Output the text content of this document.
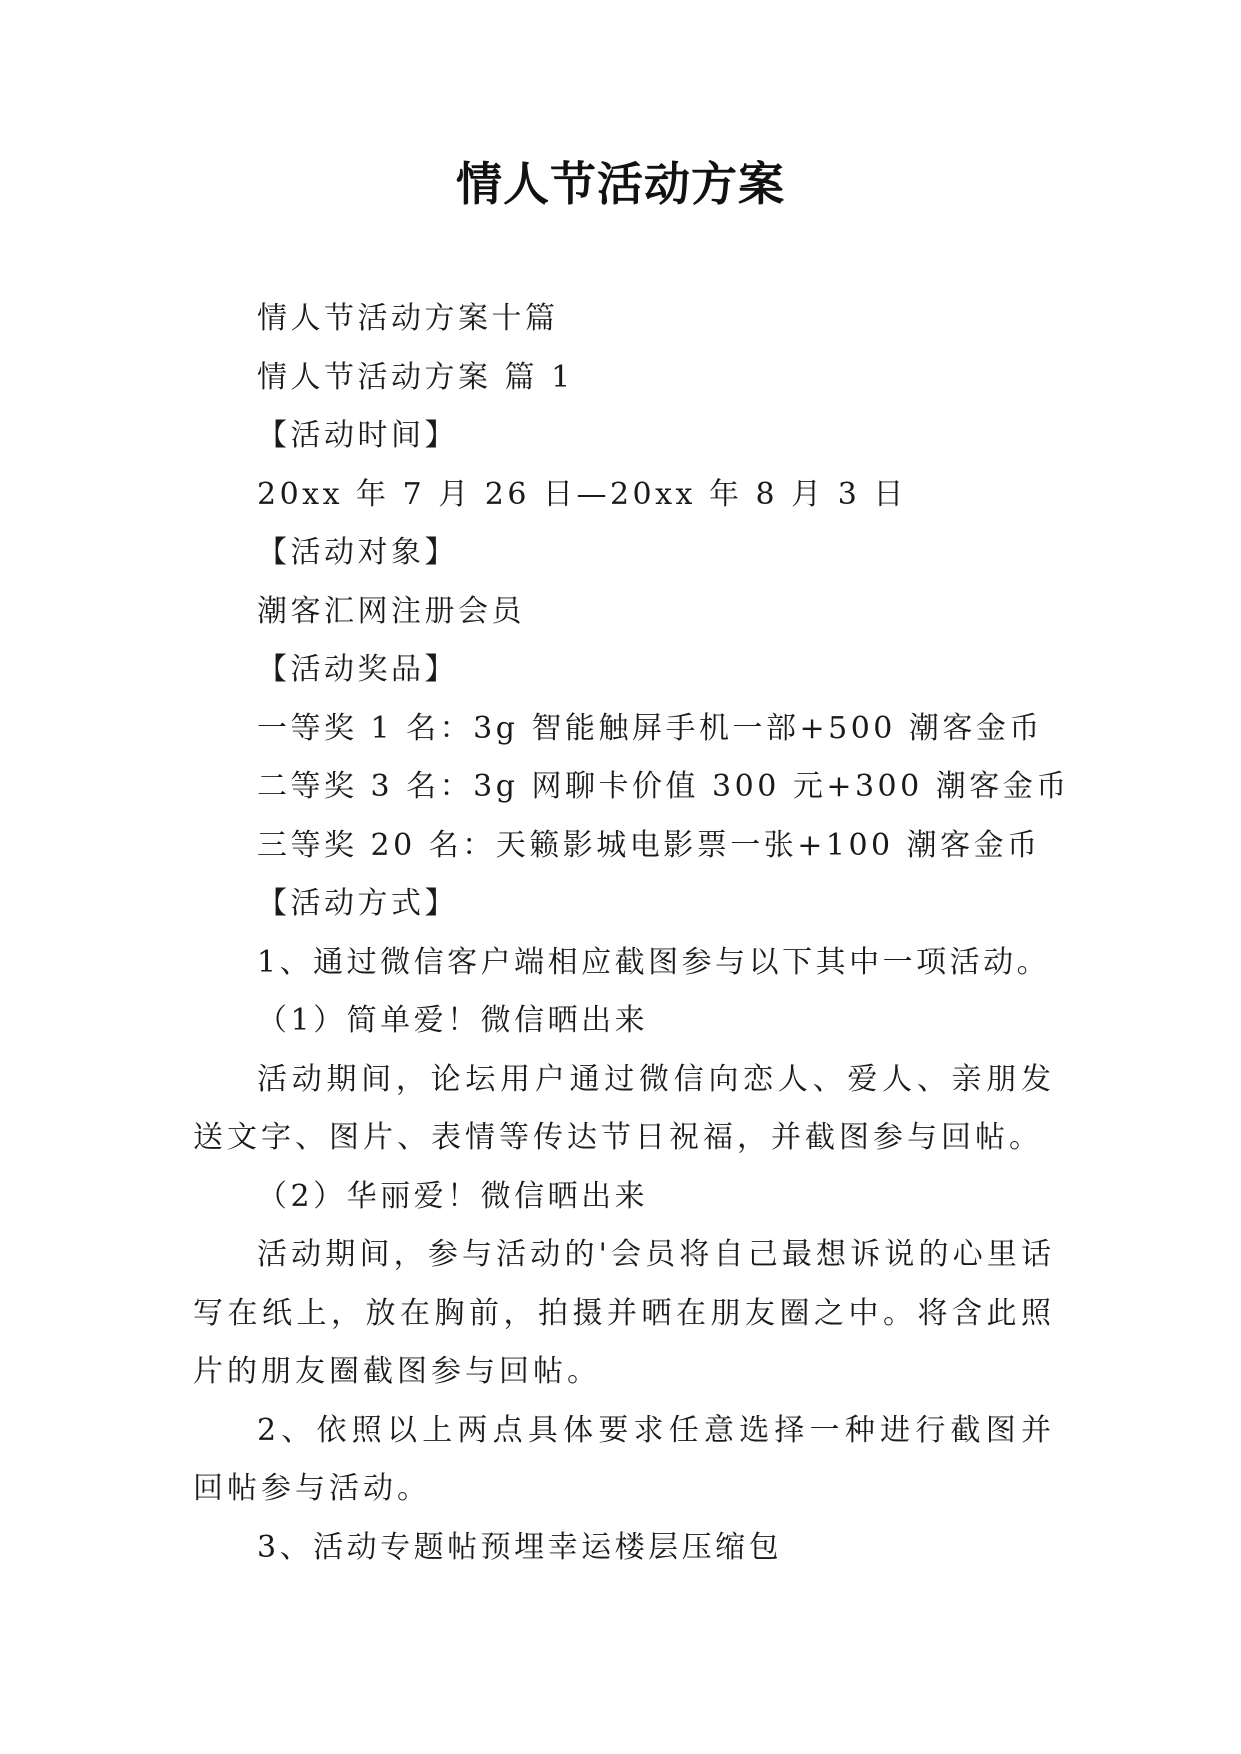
情人节活动方案

情人节活动方案十篇

情人节活动方案 篇 1

【活动时间】

20xx 年 7 月 26 日—20xx 年 8 月 3 日

【活动对象】

潮客汇网注册会员

【活动奖品】

一等奖 1 名：3g 智能触屏手机一部+500 潮客金币

二等奖 3 名：3g 网聊卡价值 300 元+300 潮客金币

三等奖 20 名：天籁影城电影票一张+100 潮客金币

【活动方式】

1、通过微信客户端相应截图参与以下其中一项活动。

（1）简单爱！微信晒出来

活动期间，论坛用户通过微信向恋人、爱人、亲朋发送文字、图片、表情等传达节日祝福，并截图参与回帖。

（2）华丽爱！微信晒出来

活动期间，参与活动的'会员将自己最想诉说的心里话写在纸上，放在胸前，拍摄并晒在朋友圈之中。将含此照片的朋友圈截图参与回帖。

2、依照以上两点具体要求任意选择一种进行截图并回帖参与活动。

3、活动专题帖预埋幸运楼层压缩包
